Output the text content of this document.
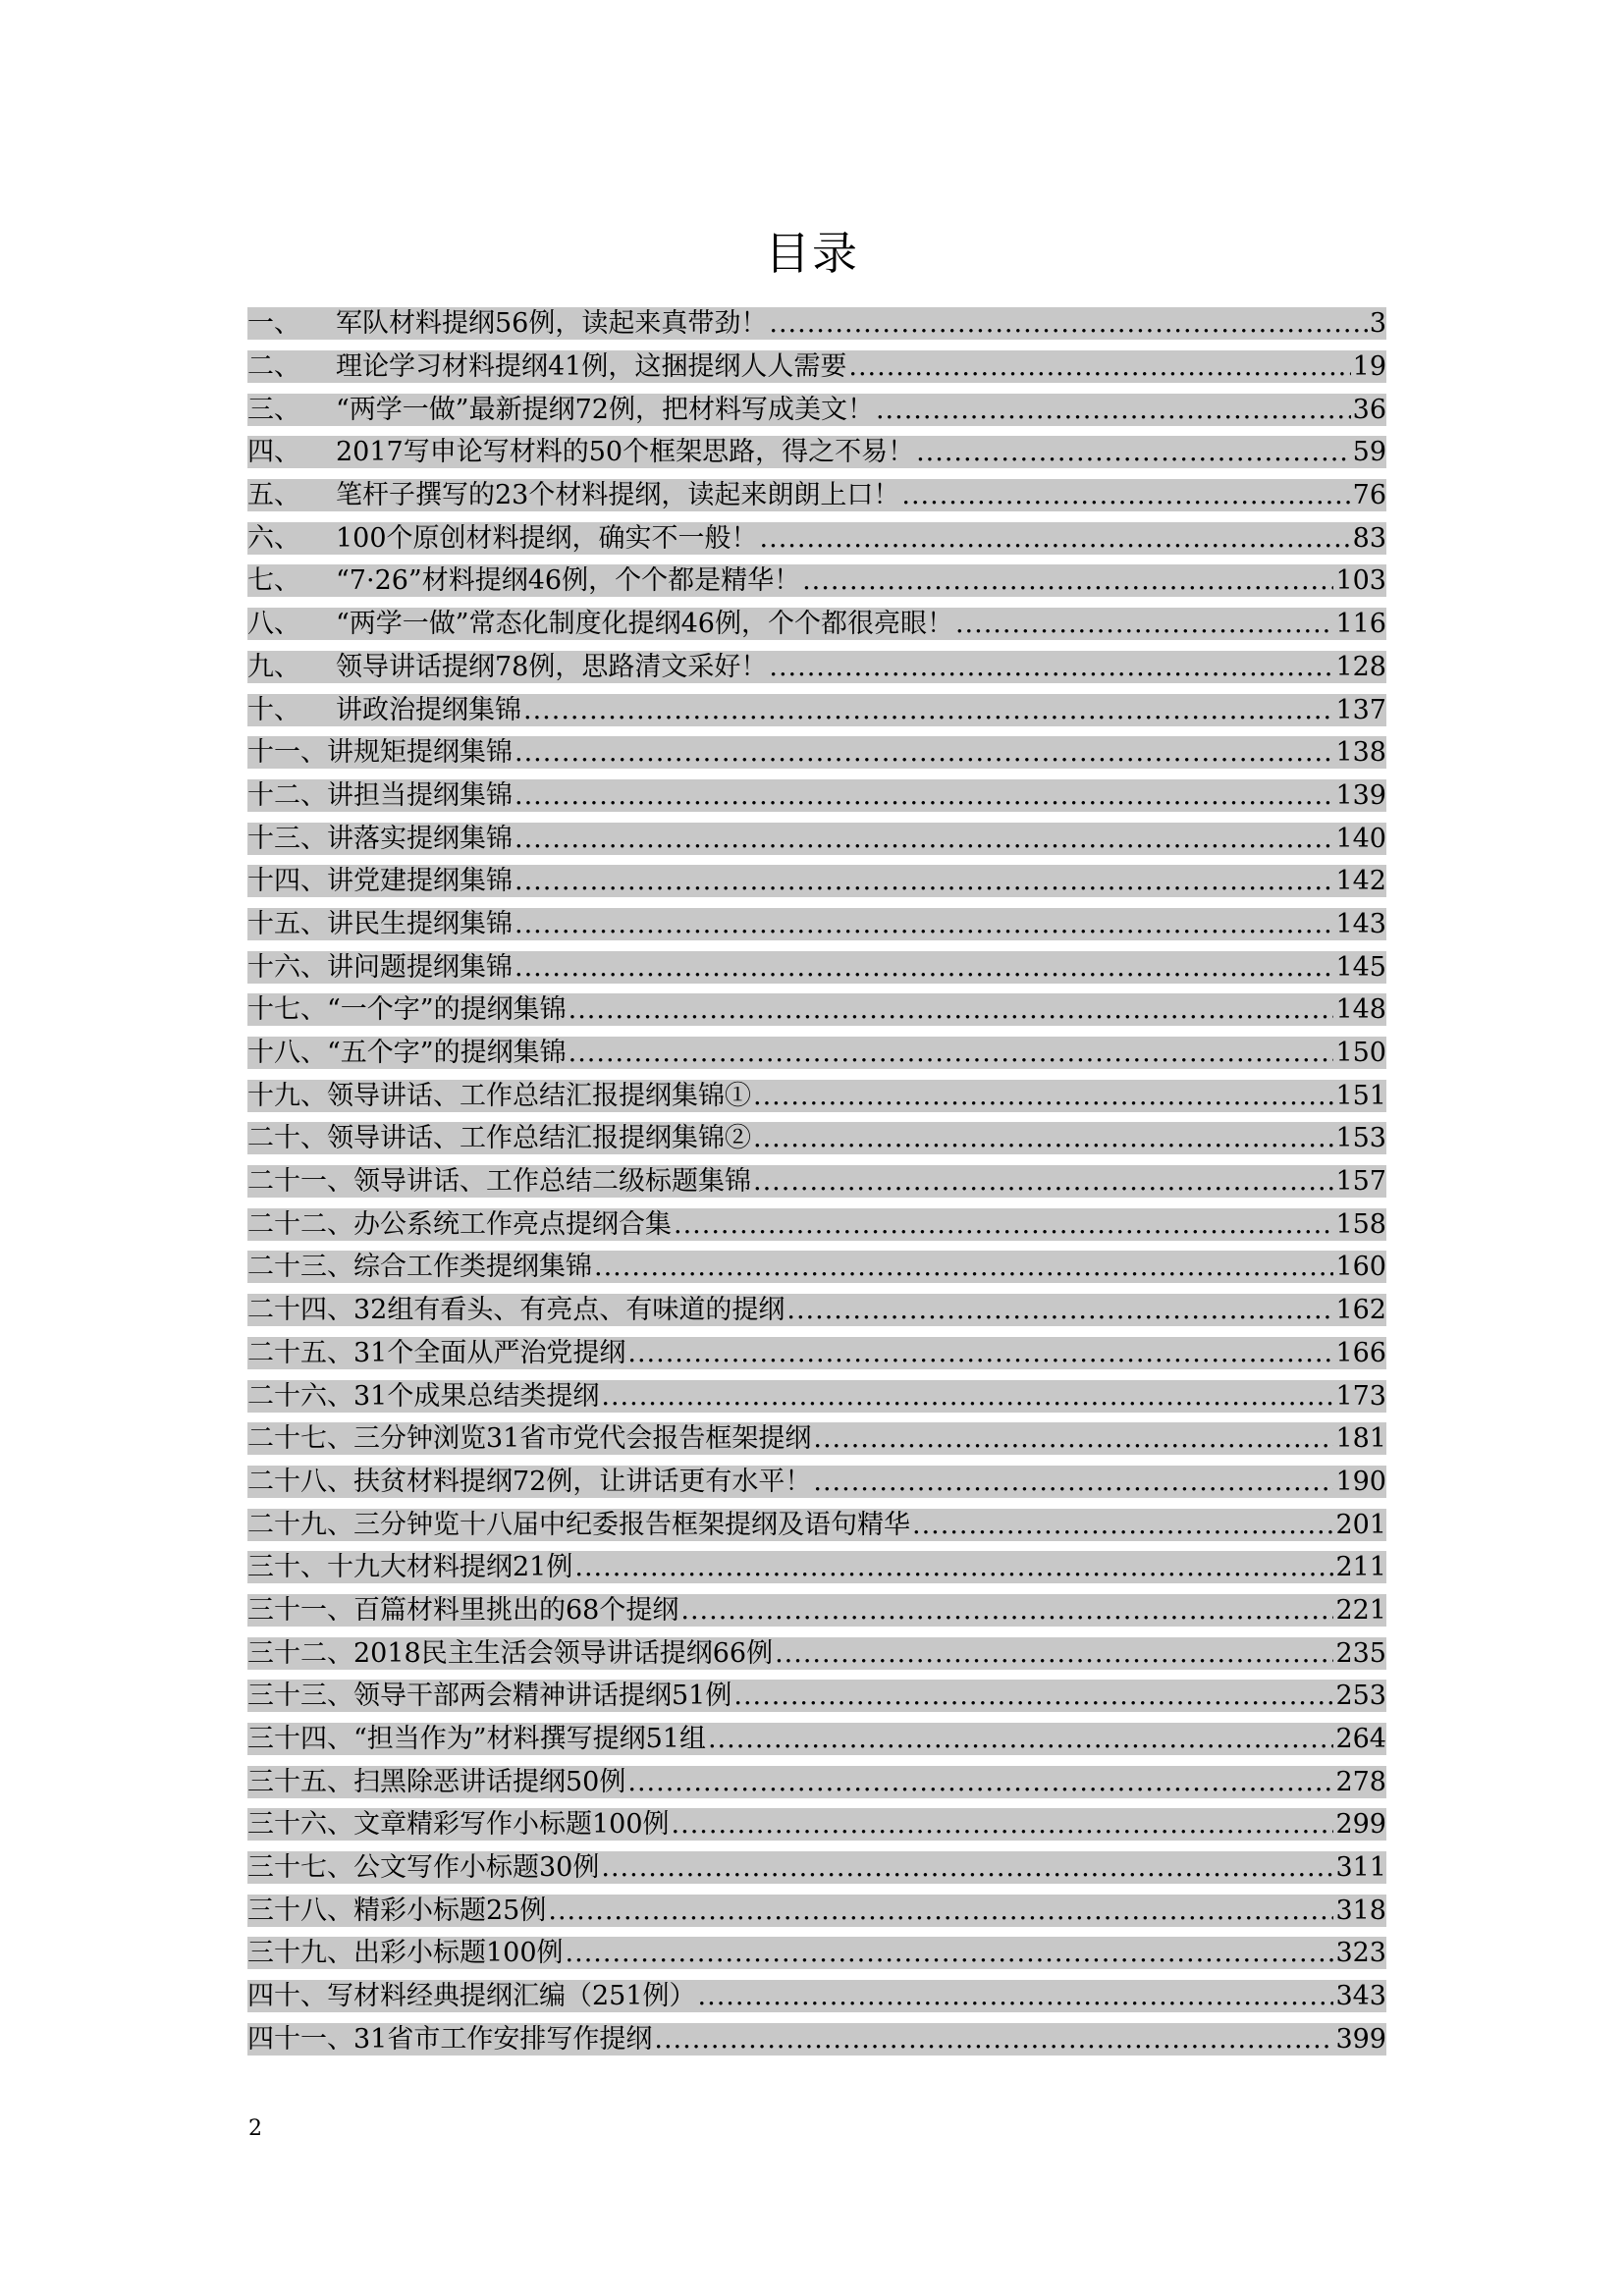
目录
一、	军队材料提纲56例，读起来真带劲！ .....	3
二、	理论学习材料提纲41例，这捆提纲人人需要 .....	19
三、	“两学一做”最新提纲72例，把材料写成美文！ .....	36
四、	2017写申论写材料的50个框架思路，得之不易！ .....	59
五、	笔杆子撰写的23个材料提纲，读起来朗朗上口！ .....	76
六、	100个原创材料提纲，确实不一般！ .....	83
七、	“7·26”材料提纲46例，个个都是精华！ .....	103
八、	“两学一做”常态化制度化提纲46例，个个都很亮眼！ .....	116
九、	领导讲话提纲78例，思路清文采好！ .....	128
十、	讲政治提纲集锦 .....	137
十一、 讲规矩提纲集锦 .....	138
十二、 讲担当提纲集锦 .....	139
十三、 讲落实提纲集锦 .....	140
十四、 讲党建提纲集锦 .....	142
十五、 讲民生提纲集锦 .....	143
十六、 讲问题提纲集锦 .....	145
十七、 “一个字”的提纲集锦 .....	148
十八、 “五个字”的提纲集锦 .....	150
十九、 领导讲话、工作总结汇报提纲集锦① .....	151
二十、 领导讲话、工作总结汇报提纲集锦② .....	153
二十一、 领导讲话、工作总结二级标题集锦 .....	157
二十二、 办公系统工作亮点提纲合集 .....	158
二十三、 综合工作类提纲集锦 .....	160
二十四、 32组有看头、有亮点、有味道的提纲 .....	162
二十五、 31个全面从严治党提纲 .....	166
二十六、 31个成果总结类提纲 .....	173
二十七、 三分钟浏览31省市党代会报告框架提纲 .....	181
二十八、 扶贫材料提纲72例，让讲话更有水平！ .....	190
二十九、 三分钟览十八届中纪委报告框架提纲及语句精华 .....	201
三十、 十九大材料提纲21例 .....	211
三十一、 百篇材料里挑出的68个提纲 .....	221
三十二、 2018民主生活会领导讲话提纲66例 .....	235
三十三、 领导干部两会精神讲话提纲51例 .....	253
三十四、 “担当作为”材料撰写提纲51组 .....	264
三十五、 扫黑除恶讲话提纲50例 .....	278
三十六、 文章精彩写作小标题100例 .....	299
三十七、 公文写作小标题30例 .....	311
三十八、 精彩小标题25例 .....	318
三十九、 出彩小标题100例 .....	323
四十、 写材料经典提纲汇编（251例） .....	343
四十一、 31省市工作安排写作提纲 .....	399
2
